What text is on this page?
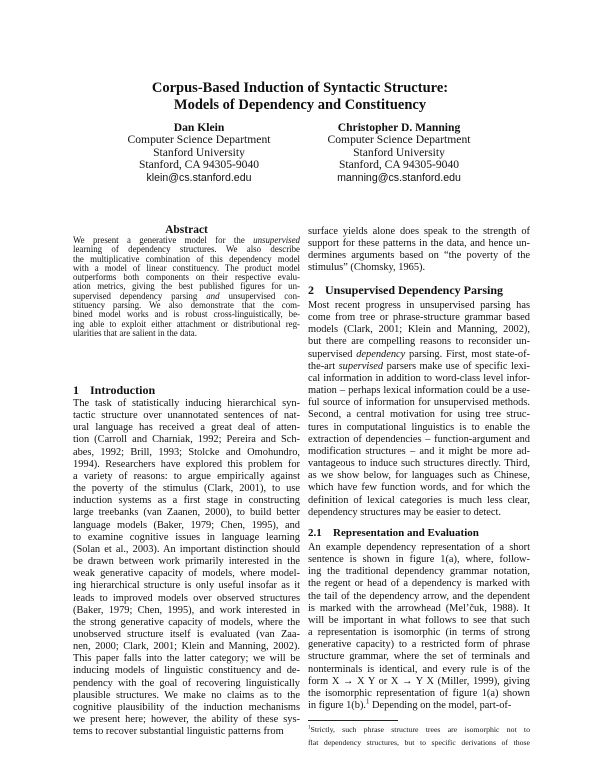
Corpus-Based Induction of Syntactic Structure:
Models of Dependency and Constituency
Dan Klein
Computer Science Department
Stanford University
Stanford, CA 94305-9040
klein@cs.stanford.edu
Christopher D. Manning
Computer Science Department
Stanford University
Stanford, CA 94305-9040
manning@cs.stanford.edu
Abstract
We present a generative model for the unsupervised
learning of dependency structures. We also describe
the multiplicative combination of this dependency model
with a model of linear constituency. The product model
outperforms both components on their respective evalu-
ation metrics, giving the best published figures for un-
supervised dependency parsing and unsupervised con-
stituency parsing. We also demonstrate that the com-
bined model works and is robust cross-linguistically, be-
ing able to exploit either attachment or distributional reg-
ularities that are salient in the data.
1 Introduction
The task of statistically inducing hierarchical syn-
tactic structure over unannotated sentences of nat-
ural language has received a great deal of atten-
tion (Carroll and Charniak, 1992; Pereira and Sch-
abes, 1992; Brill, 1993; Stolcke and Omohundro,
1994). Researchers have explored this problem for
a variety of reasons: to argue empirically against
the poverty of the stimulus (Clark, 2001), to use
induction systems as a first stage in constructing
large treebanks (van Zaanen, 2000), to build better
language models (Baker, 1979; Chen, 1995), and
to examine cognitive issues in language learning
(Solan et al., 2003). An important distinction should
be drawn between work primarily interested in the
weak generative capacity of models, where model-
ing hierarchical structure is only useful insofar as it
leads to improved models over observed structures
(Baker, 1979; Chen, 1995), and work interested in
the strong generative capacity of models, where the
unobserved structure itself is evaluated (van Zaa-
nen, 2000; Clark, 2001; Klein and Manning, 2002).
This paper falls into the latter category; we will be
inducing models of linguistic constituency and de-
pendency with the goal of recovering linguistically
plausible structures. We make no claims as to the
cognitive plausibility of the induction mechanisms
we present here; however, the ability of these sys-
tems to recover substantial linguistic patterns from
surface yields alone does speak to the strength of
support for these patterns in the data, and hence un-
dermines arguments based on “the poverty of the
stimulus” (Chomsky, 1965).
2 Unsupervised Dependency Parsing
Most recent progress in unsupervised parsing has
come from tree or phrase-structure grammar based
models (Clark, 2001; Klein and Manning, 2002),
but there are compelling reasons to reconsider un-
supervised dependency parsing. First, most state-of-
the-art supervised parsers make use of specific lexi-
cal information in addition to word-class level infor-
mation – perhaps lexical information could be a use-
ful source of information for unsupervised methods.
Second, a central motivation for using tree struc-
tures in computational linguistics is to enable the
extraction of dependencies – function-argument and
modification structures – and it might be more ad-
vantageous to induce such structures directly. Third,
as we show below, for languages such as Chinese,
which have few function words, and for which the
definition of lexical categories is much less clear,
dependency structures may be easier to detect.
2.1 Representation and Evaluation
An example dependency representation of a short
sentence is shown in figure 1(a), where, follow-
ing the traditional dependency grammar notation,
the regent or head of a dependency is marked with
the tail of the dependency arrow, and the dependent
is marked with the arrowhead (Mel’čuk, 1988). It
will be important in what follows to see that such
a representation is isomorphic (in terms of strong
generative capacity) to a restricted form of phrase
structure grammar, where the set of terminals and
nonterminals is identical, and every rule is of the
form X → X Y or X → Y X (Miller, 1999), giving
the isomorphic representation of figure 1(a) shown
in figure 1(b).$^1$ Depending on the model, part-of-
$^1$Strictly, such phrase structure trees are isomorphic not to
flat dependency structures, but to specific derivations of those
